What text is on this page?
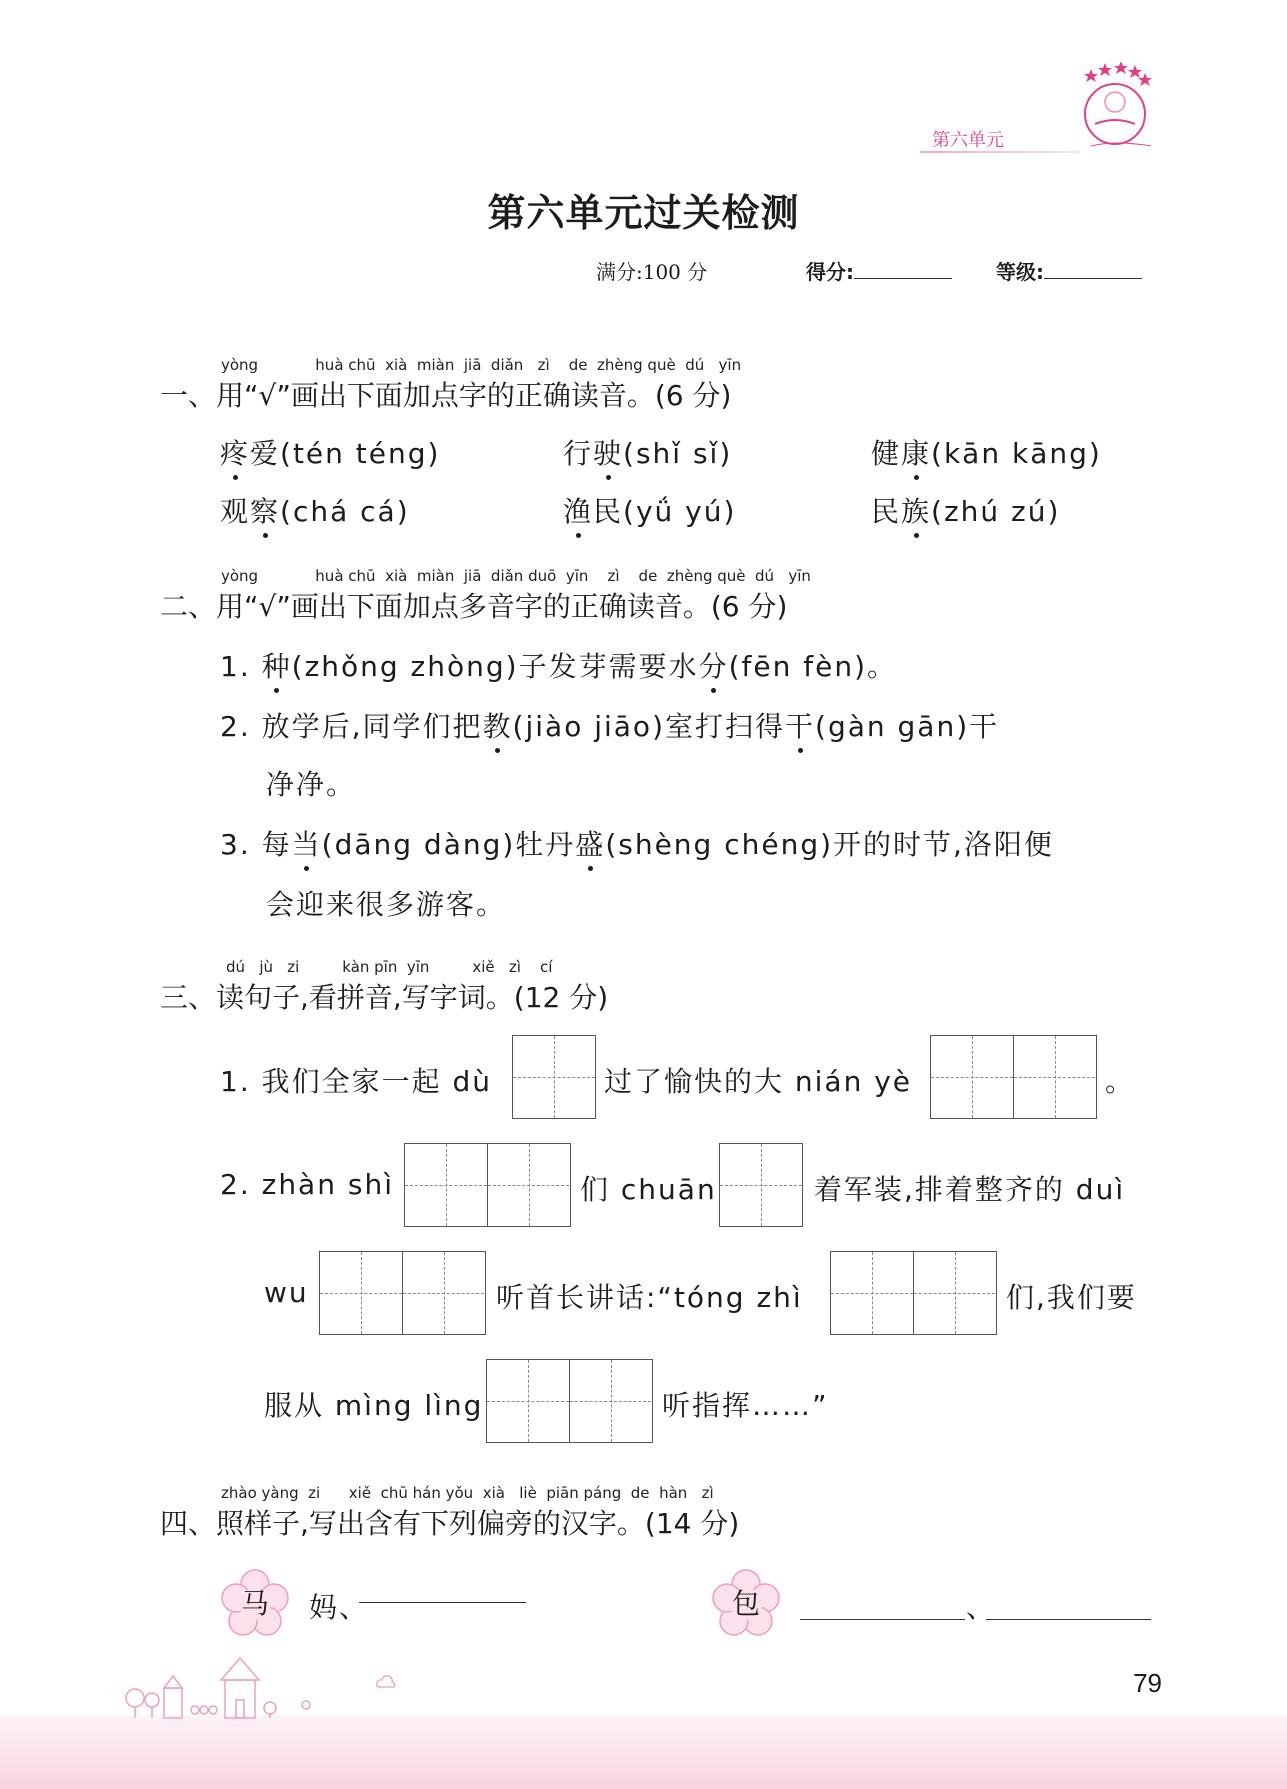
第六单元
第六单元过关检测
满分:100 分	得分:	等级:
yòng            huà chū  xià  miàn  jiā  diǎn   zì    de  zhèng què  dú   yīn
一、用“√”画出下面加点字的正确读音。(6 分)
疼爱(tén téng)	行驶(shǐ sǐ)	健康(kān kāng)
观察(chá cá)	渔民(yǘ yú)	民族(zhú zú)
yòng            huà chū  xià  miàn  jiā  diǎn duō  yīn    zì    de  zhèng què  dú   yīn
二、用“√”画出下面加点多音字的正确读音。(6 分)
1. 种(zhǒng zhòng)子发芽需要水分(fēn fèn)。
2. 放学后,同学们把教(jiào jiāo)室打扫得干(gàn gān)干
净净。
3. 每当(dāng dàng)牡丹盛(shèng chéng)开的时节,洛阳便
会迎来很多游客。
dú   jù   zi         kàn pīn  yīn         xiě   zì    cí
三、读句子,看拼音,写字词。(12 分)
1. 我们全家一起 dù	过了愉快的大 nián yè	。
2. zhàn shì	们 chuān	着军装,排着整齐的 duì
wu	听首长讲话:“tóng zhì	们,我们要
服从 mìng lìng	听指挥……”
zhào yàng  zi      xiě  chū hán yǒu  xià   liè  piān páng  de  hàn   zì
四、照样子,写出含有下列偏旁的汉字。(14 分)
马	妈、	包	、
79
